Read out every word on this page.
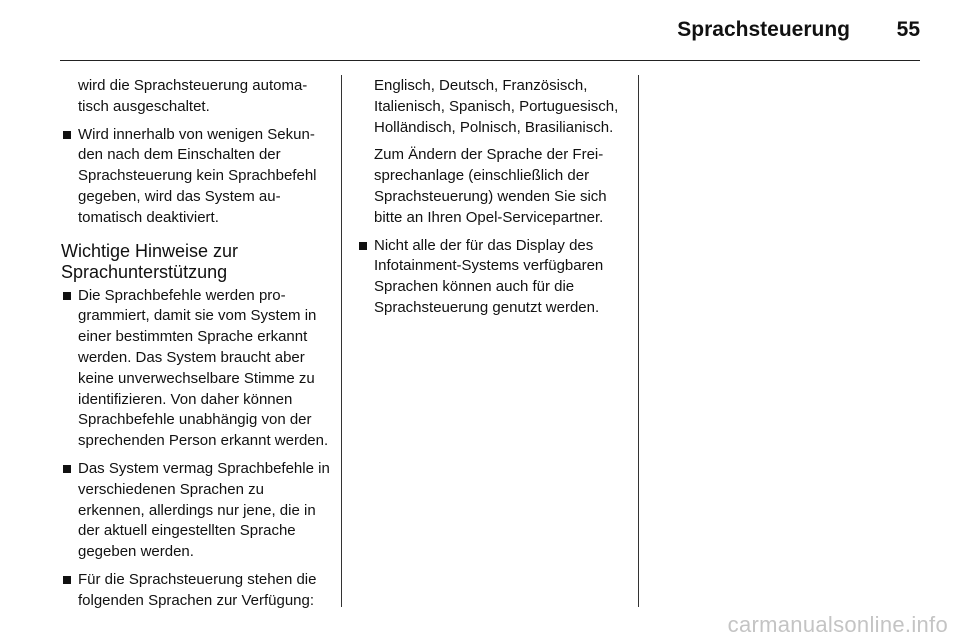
Sprachsteuerung 55

wird die Sprachsteuerung automatisch ausgeschaltet.

Wird innerhalb von wenigen Sekunden nach dem Einschalten der Sprachsteuerung kein Sprachbefehl gegeben, wird das System automatisch deaktiviert.
Wichtige Hinweise zur Sprachunterstützung
Die Sprachbefehle werden programmiert, damit sie vom System in einer bestimmten Sprache erkannt werden. Das System braucht aber keine unverwechselbare Stimme zu identifizieren. Von daher können Sprachbefehle unabhängig von der sprechenden Person erkannt werden.
Das System vermag Sprachbefehle in verschiedenen Sprachen zu erkennen, allerdings nur jene, die in der aktuell eingestellten Sprache gegeben werden.
Für die Sprachsteuerung stehen die folgenden Sprachen zur Verfügung:

Englisch, Deutsch, Französisch, Italienisch, Spanisch, Portuguesisch, Holländisch, Polnisch, Brasilianisch.

Zum Ändern der Sprache der Freisprechanlage (einschließlich der Sprachsteuerung) wenden Sie sich bitte an Ihren Opel-Servicepartner.

Nicht alle der für das Display des Infotainment-Systems verfügbaren Sprachen können auch für die Sprachsteuerung genutzt werden.
carmanualsonline.info
